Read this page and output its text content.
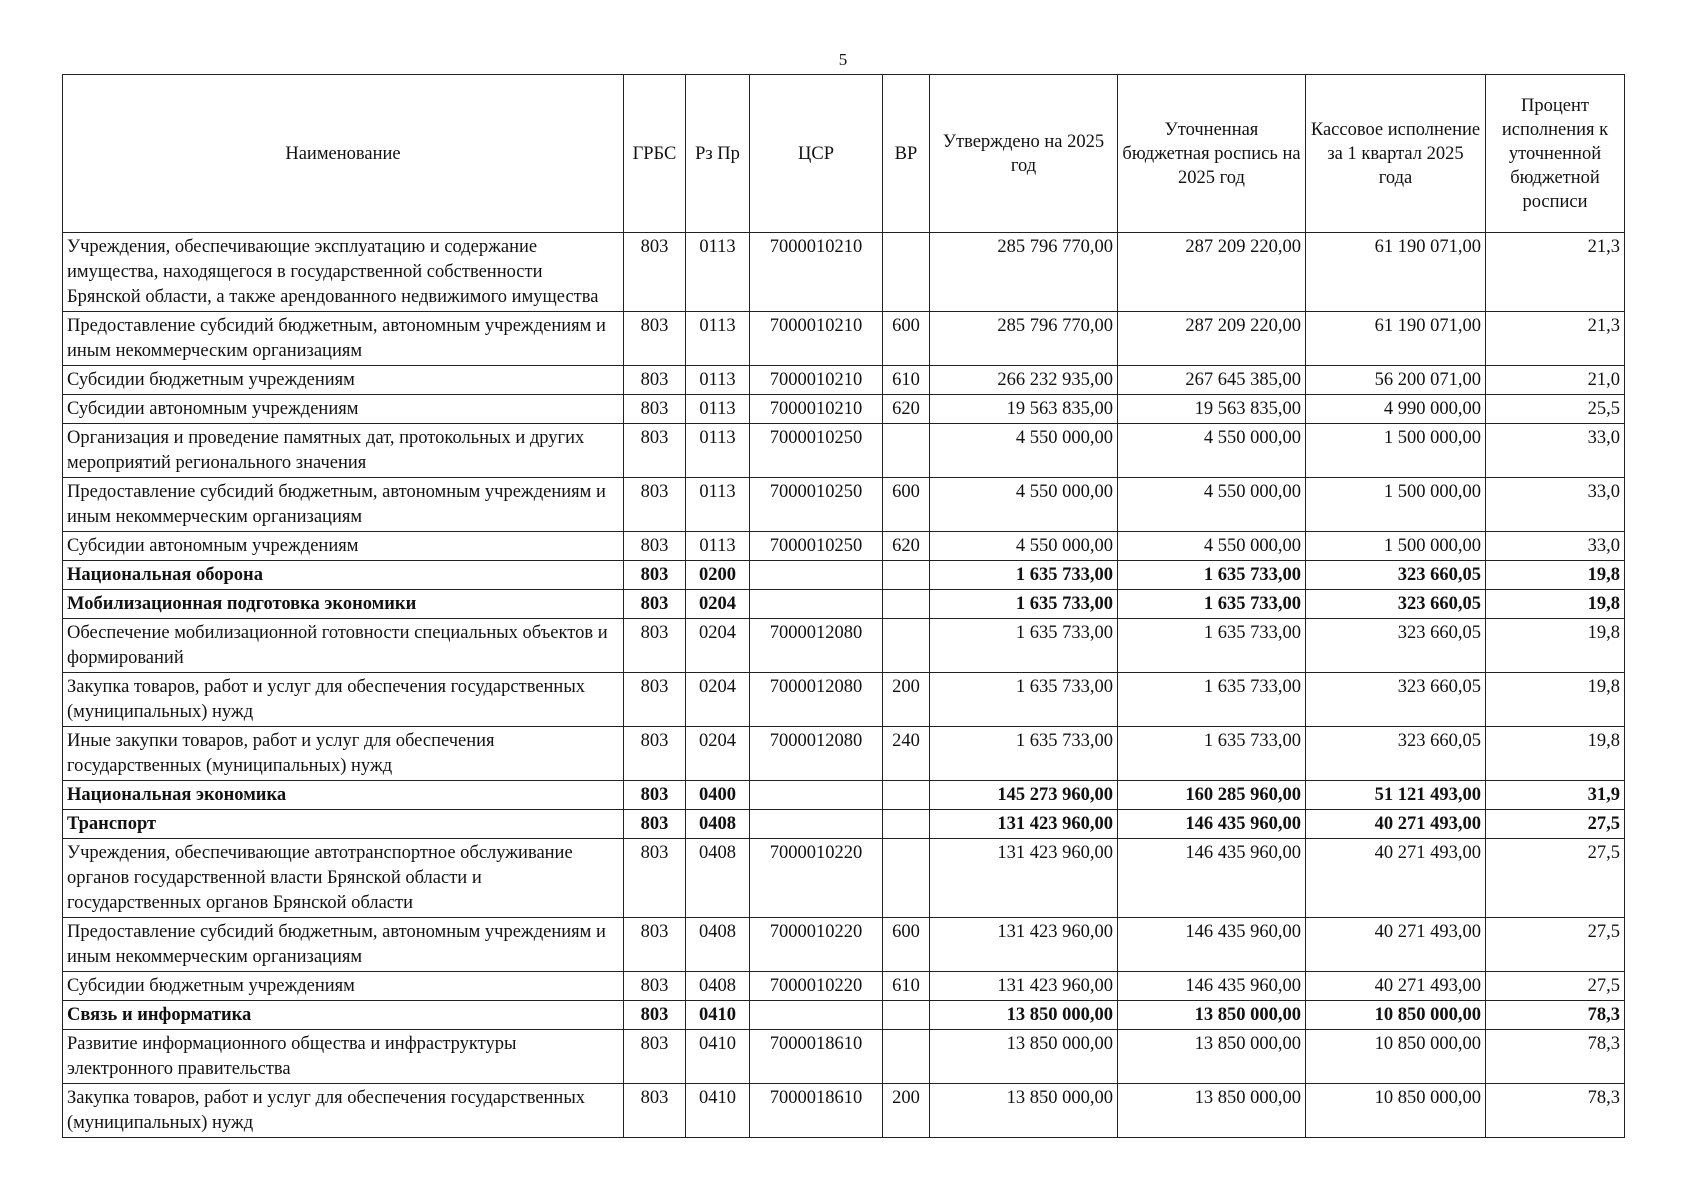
5
Наименование	ГРБС	Рз Пр	ЦСР	ВР	Утверждено на 2025 год	Уточненная бюджетная роспись на 2025 год	Кассовое исполнение за 1 квартал 2025 года	Процент исполнения к уточненной бюджетной росписи
Учреждения, обеспечивающие эксплуатацию и содержание имущества, находящегося в государственной собственности Брянской области, а также арендованного недвижимого имущества	803	0113	7000010210		285 796 770,00	287 209 220,00	61 190 071,00	21,3
Предоставление субсидий бюджетным, автономным учреждениям и иным некоммерческим организациям	803	0113	7000010210	600	285 796 770,00	287 209 220,00	61 190 071,00	21,3
Субсидии бюджетным учреждениям	803	0113	7000010210	610	266 232 935,00	267 645 385,00	56 200 071,00	21,0
Субсидии автономным учреждениям	803	0113	7000010210	620	19 563 835,00	19 563 835,00	4 990 000,00	25,5
Организация и проведение памятных дат, протокольных и других мероприятий регионального значения	803	0113	7000010250		4 550 000,00	4 550 000,00	1 500 000,00	33,0
Предоставление субсидий бюджетным, автономным учреждениям и иным некоммерческим организациям	803	0113	7000010250	600	4 550 000,00	4 550 000,00	1 500 000,00	33,0
Субсидии автономным учреждениям	803	0113	7000010250	620	4 550 000,00	4 550 000,00	1 500 000,00	33,0
Национальная оборона	803	0200			1 635 733,00	1 635 733,00	323 660,05	19,8
Мобилизационная подготовка экономики	803	0204			1 635 733,00	1 635 733,00	323 660,05	19,8
Обеспечение мобилизационной готовности специальных объектов и формирований	803	0204	7000012080		1 635 733,00	1 635 733,00	323 660,05	19,8
Закупка товаров, работ и услуг для обеспечения государственных (муниципальных) нужд	803	0204	7000012080	200	1 635 733,00	1 635 733,00	323 660,05	19,8
Иные закупки товаров, работ и услуг для обеспечения государственных (муниципальных) нужд	803	0204	7000012080	240	1 635 733,00	1 635 733,00	323 660,05	19,8
Национальная экономика	803	0400			145 273 960,00	160 285 960,00	51 121 493,00	31,9
Транспорт	803	0408			131 423 960,00	146 435 960,00	40 271 493,00	27,5
Учреждения, обеспечивающие автотранспортное обслуживание органов государственной власти Брянской области и государственных органов Брянской области	803	0408	7000010220		131 423 960,00	146 435 960,00	40 271 493,00	27,5
Предоставление субсидий бюджетным, автономным учреждениям и иным некоммерческим организациям	803	0408	7000010220	600	131 423 960,00	146 435 960,00	40 271 493,00	27,5
Субсидии бюджетным учреждениям	803	0408	7000010220	610	131 423 960,00	146 435 960,00	40 271 493,00	27,5
Связь и информатика	803	0410			13 850 000,00	13 850 000,00	10 850 000,00	78,3
Развитие информационного общества и инфраструктуры электронного правительства	803	0410	7000018610		13 850 000,00	13 850 000,00	10 850 000,00	78,3
Закупка товаров, работ и услуг для обеспечения государственных (муниципальных) нужд	803	0410	7000018610	200	13 850 000,00	13 850 000,00	10 850 000,00	78,3
